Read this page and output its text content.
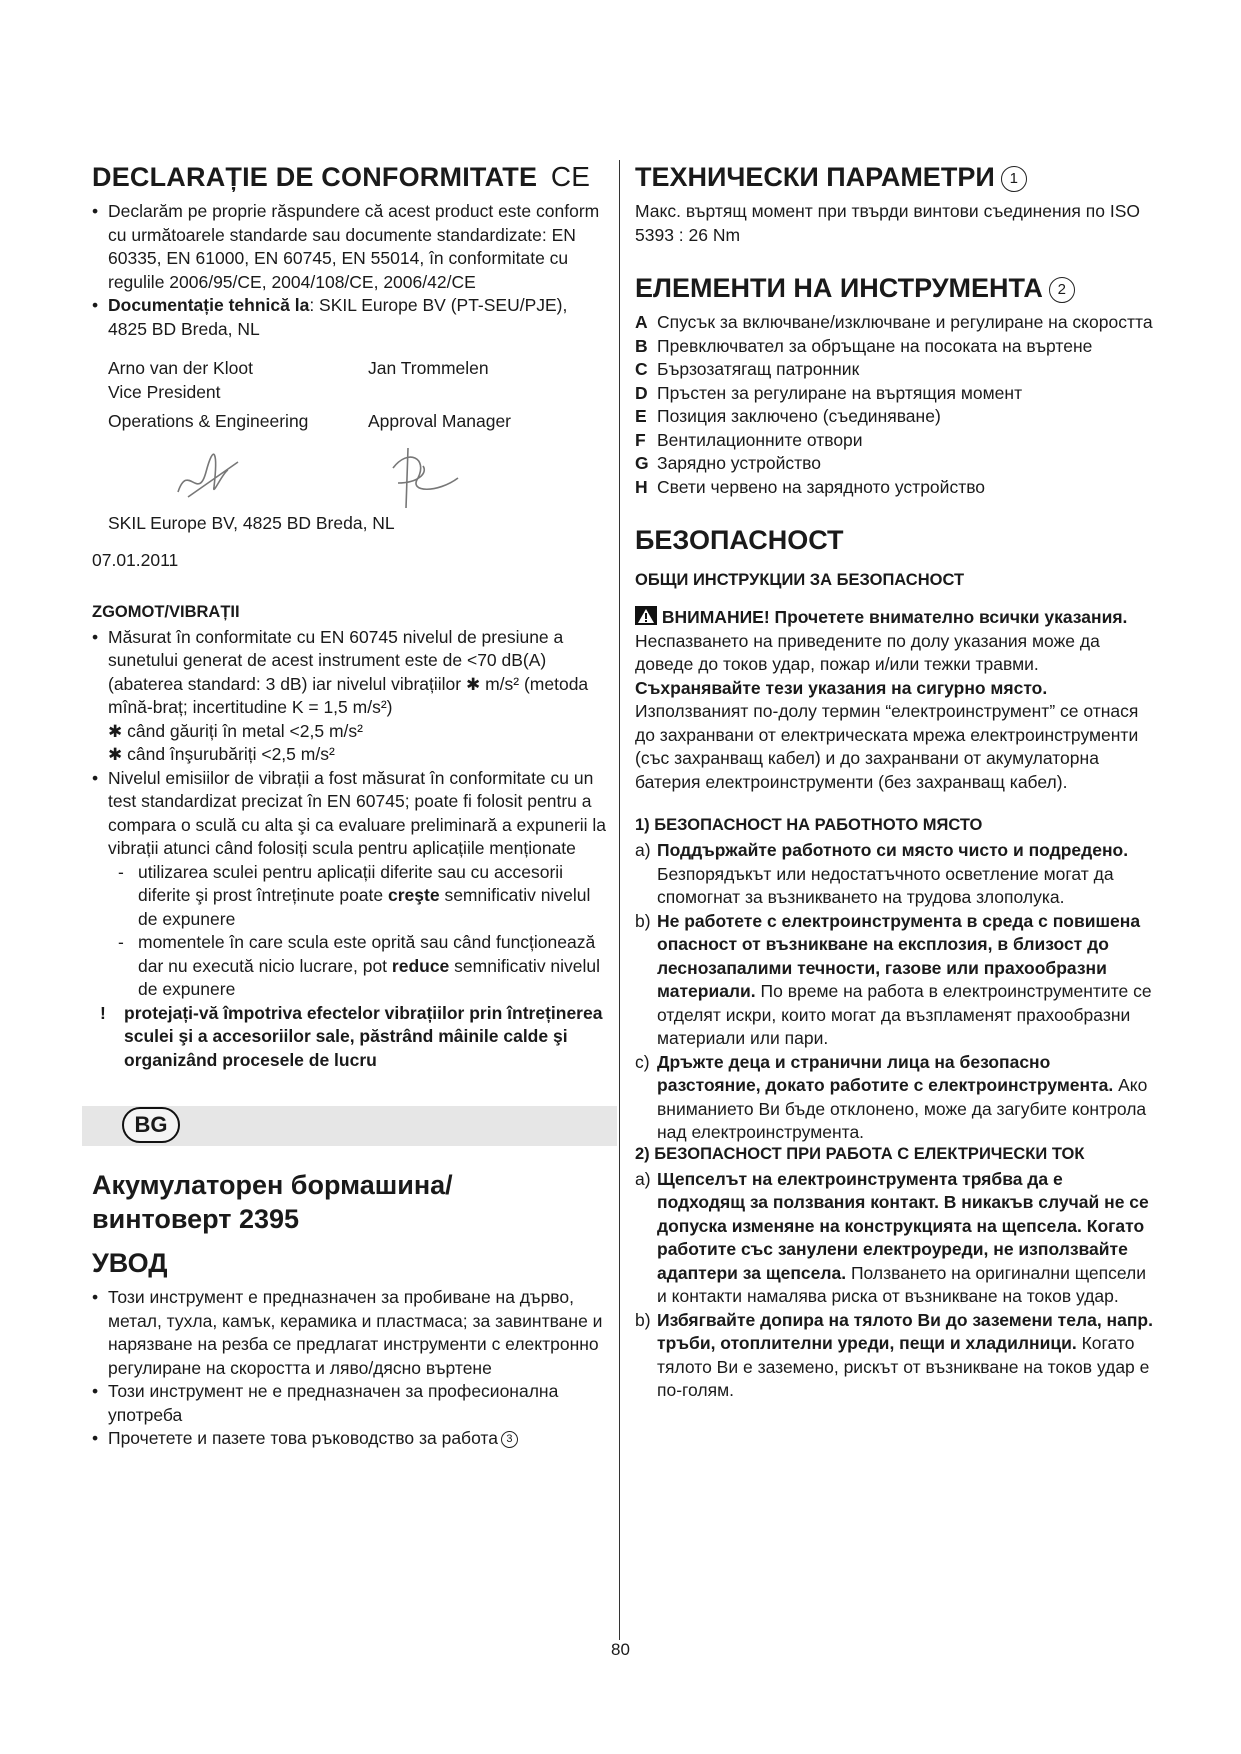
DECLARAȚIE DE CONFORMITATE CE
• Declarăm pe proprie răspundere că acest product este conform cu următoarele standarde sau documente standardizate: EN 60335, EN 61000, EN 60745, EN 55014, în conformitate cu regulile 2006/95/CE, 2004/108/CE, 2006/42/CE
• Documentație tehnică la: SKIL Europe BV (PT-SEU/PJE), 4825 BD Breda, NL

Arno van der Kloot	Jan Trommelen

Vice President

Operations & Engineering	Approval Manager

SKIL Europe BV, 4825 BD Breda, NL

07.01.2011

ZGOMOT/VIBRAȚII
• Măsurat în conformitate cu EN 60745 nivelul de presiune a sunetului generat de acest instrument este de <70 dB(A) (abaterea standard: 3 dB) iar nivelul vibrațiilor ✱ m/s² (metoda mînă-braț; incertitudine K = 1,5 m/s²)
✱ când găuriți în metal <2,5 m/s²
✱ când înşurubăriți <2,5 m/s²
• Nivelul emisiilor de vibrații a fost măsurat în conformitate cu un test standardizat precizat în EN 60745; poate fi folosit pentru a compara o sculă cu alta şi ca evaluare preliminară a expunerii la vibrații atunci când folosiți scula pentru aplicațiile menționate
- utilizarea sculei pentru aplicații diferite sau cu accesorii diferite şi prost întreținute poate creşte semnificativ nivelul de expunere
- momentele în care scula este oprită sau când funcționează dar nu execută nicio lucrare, pot reduce semnificativ nivelul de expunere

! protejați-vă împotriva efectelor vibrațiilor prin întreținerea sculei şi a accesoriilor sale, păstrând mâinile calde şi organizând procesele de lucru

BG
Акумулаторен бормашина/ винтоверт 2395
УВОД
• Този инструмент е предназначен за пробиване на дърво, метал, тухла, камък, керамика и пластмаса; за завинтване и нарязване на резба се предлагат инструменти с електронно регулиране на скоростта и ляво/дясно въртене
• Този инструмент не е предназначен за професионална употреба
• Прочетете и пазете това ръководство за работа 3
ТЕХНИЧЕСКИ ПАРАМЕТРИ 1

Макс. въртящ момент при твърди винтови съединения по ISO 5393 : 26 Nm

ЕЛЕМЕНТИ НА ИНСТРУМЕНТА 2
A Спусък за включване/изключване и регулиране на скоростта
B Превключвател за обръщане на посоката на въртене
C Бързозатягащ патронник
D Пръстен за регулиране на въртящия момент
E Позиция заключено (съединяване)
F Вентилационните отвори
G Зарядно устройство
H Свети червено на зарядното устройство
БЕЗОПАСНОСТ
ОБЩИ ИНСТРУКЦИИ ЗА БЕЗОПАСНОСТ

ВНИМАНИЕ! Прочетете внимателно всички указания. Неспазването на приведените по долу указания може да доведе до токов удар, пожар и/или тежки травми. Съхранявайте тези указания на сигурно място. Използваният по-долу термин “електроинструмент” се отнася до захранвани от електрическата мрежа електроинструменти (със захранващ кабел) и до захранвани от акумулаторна батерия електроинструменти (без захранващ кабел).

1) БЕЗОПАСНОСТ НА РАБОТНОТО МЯСТО
a) Поддържайте работното си място чисто и подредено. Безпорядъкът или недостатъчното осветление могат да спомогнат за възникването на трудова злополука.
b) Не работете с електроинструмента в среда с повишена опасност от възникване на експлозия, в близост до леснозапалими течности, газове или прахообразни материали. По време на работа в електроинструментите се отделят искри, които могат да възпламенят прахообразни материали или пари.
c) Дръжте деца и странични лица на безопасно разстояние, докато работите с електроинструмента. Ако вниманието Ви бъде отклонено, може да загубите контрола над електроинструмента.
2) БЕЗОПАСНОСТ ПРИ РАБОТА С ЕЛЕКТРИЧЕСКИ ТОК
a) Щепселът на електроинструмента трябва да е подходящ за ползвания контакт. В никакъв случай не се допуска изменяне на конструкцията на щепсела. Когато работите със занулени електроуреди, не използвайте адаптери за щепсела. Ползването на оригинални щепсели и контакти намалява риска от възникване на токов удар.
b) Избягвайте допира на тялото Ви до заземени тела, напр. тръби, отоплителни уреди, пещи и хладилници. Когато тялото Ви е заземено, рискът от възникване на токов удар е по-голям.
80
